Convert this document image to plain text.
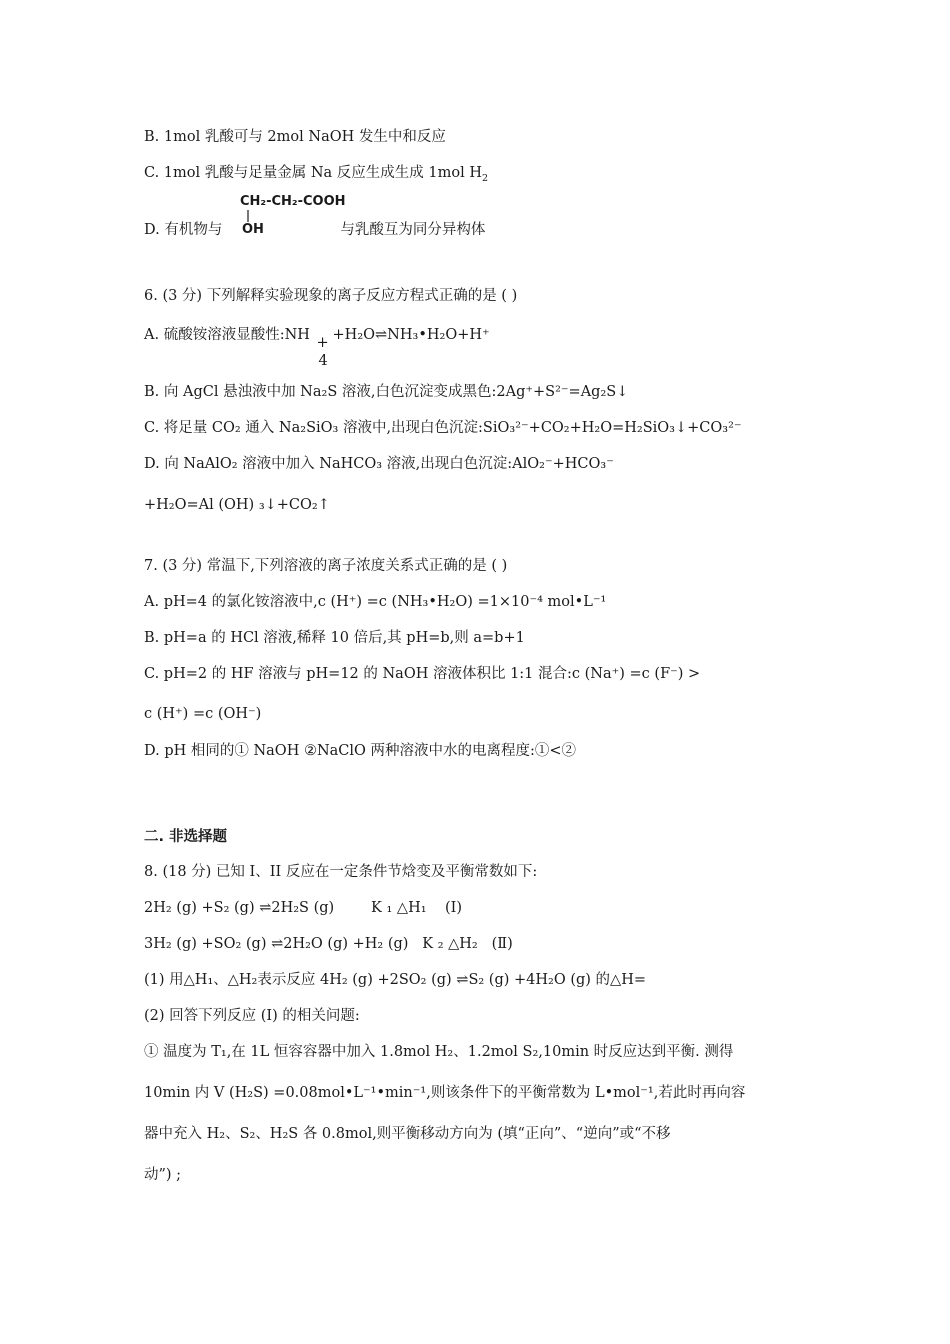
B. 1mol 乳酸可与 2mol NaOH 发生中和反应
C. 1mol 乳酸与足量金属 Na 反应生成生成 1mol $H_2$
CH₂-CH₂-COOH
OH
D. 有机物与	与乳酸互为同分异构体
6. (3 分) 下列解释实验现象的离子反应方程式正确的是 ( )
A. 硫酸铵溶液显酸性:NH +
4
+H₂O⇌NH₃•H₂O+H⁺
B. 向 AgCl 悬浊液中加 Na₂S 溶液,白色沉淀变成黑色:2Ag⁺+S²⁻=Ag₂S↓
C. 将足量 CO₂ 通入 Na₂SiO₃ 溶液中,出现白色沉淀:SiO₃²⁻+CO₂+H₂O=H₂SiO₃↓+CO₃²⁻
D. 向 NaAlO₂ 溶液中加入 NaHCO₃ 溶液,出现白色沉淀:AlO₂⁻+HCO₃⁻
+H₂O=Al (OH) ₃↓+CO₂↑
7. (3 分) 常温下,下列溶液的离子浓度关系式正确的是 ( )
A. pH=4 的氯化铵溶液中,c (H⁺) =c (NH₃•H₂O) =1×10⁻⁴ mol•L⁻¹
B. pH=a 的 HCl 溶液,稀释 10 倍后,其 pH=b,则 a=b+1
C. pH=2 的 HF 溶液与 pH=12 的 NaOH 溶液体积比 1:1 混合:c (Na⁺) =c (F⁻) >
c (H⁺) =c (OH⁻)
D. pH 相同的① NaOH ②NaClO 两种溶液中水的电离程度:①<②
二. 非选择题
8. (18 分) 已知 I、II 反应在一定条件节焓变及平衡常数如下:
2H₂ (g) +S₂ (g) ⇌2H₂S (g)        K ₁ △H₁    (Ⅰ)
3H₂ (g) +SO₂ (g) ⇌2H₂O (g) +H₂ (g)   K ₂ △H₂   (Ⅱ)
(1) 用△H₁、△H₂表示反应 4H₂ (g) +2SO₂ (g) ⇌S₂ (g) +4H₂O (g) 的△H=
(2) 回答下列反应 (I) 的相关问题:
① 温度为 T₁,在 1L 恒容容器中加入 1.8mol H₂、1.2mol S₂,10min 时反应达到平衡. 测得
10min 内 V (H₂S) =0.08mol•L⁻¹•min⁻¹,则该条件下的平衡常数为 L•mol⁻¹,若此时再向容
器中充入 H₂、S₂、H₂S 各 0.8mol,则平衡移动方向为 (填“正向”、“逆向”或“不移
动”) ;
